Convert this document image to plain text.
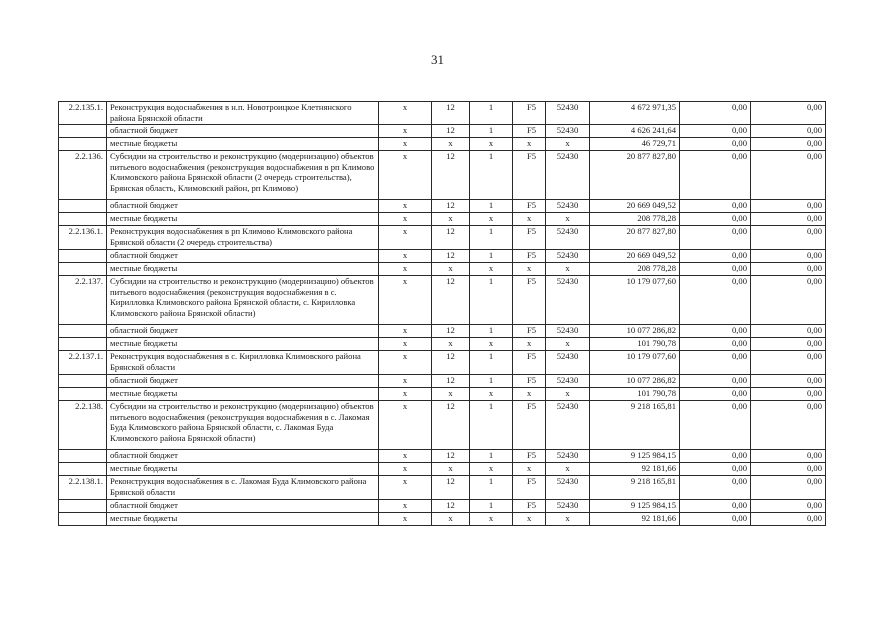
31
2.2.135.1.	Реконструкция водоснабжения в н.п. Новотроицкое Клетнянского района Брянской области	х	12	1	F5	52430	4 672 971,35	0,00	0,00
	областной бюджет	х	12	1	F5	52430	4 626 241,64	0,00	0,00
	местные бюджеты	х	х	х	х	х	46 729,71	0,00	0,00
2.2.136.	Субсидии на строительство и реконструкцию (модернизацию) объектов питьевого водоснабжения (реконструкция водоснабжения в рп Климово Климовского района Брянской области (2 очередь строительства), Брянская область, Климовский район, рп Климово)	х	12	1	F5	52430	20 877 827,80	0,00	0,00
	областной бюджет	х	12	1	F5	52430	20 669 049,52	0,00	0,00
	местные бюджеты	х	х	х	х	х	208 778,28	0,00	0,00
2.2.136.1.	Реконструкция водоснабжения в рп Климово Климовского района Брянской области (2 очередь строительства)	х	12	1	F5	52430	20 877 827,80	0,00	0,00
	областной бюджет	х	12	1	F5	52430	20 669 049,52	0,00	0,00
	местные бюджеты	х	х	х	х	х	208 778,28	0,00	0,00
2.2.137.	Субсидии на строительство и реконструкцию (модернизацию) объектов питьевого водоснабжения (реконструкция водоснабжения в с. Кирилловка Климовского района Брянской области, с. Кирилловка Климовского района Брянской области)	х	12	1	F5	52430	10 179 077,60	0,00	0,00
	областной бюджет	х	12	1	F5	52430	10 077 286,82	0,00	0,00
	местные бюджеты	х	х	х	х	х	101 790,78	0,00	0,00
2.2.137.1.	Реконструкция водоснабжения в с. Кирилловка Климовского района Брянской области	х	12	1	F5	52430	10 179 077,60	0,00	0,00
	областной бюджет	х	12	1	F5	52430	10 077 286,82	0,00	0,00
	местные бюджеты	х	х	х	х	х	101 790,78	0,00	0,00
2.2.138.	Субсидии на строительство и реконструкцию (модернизацию) объектов питьевого водоснабжения (реконструкция водоснабжения в с. Лакомая Буда Климовского района Брянской области, с. Лакомая Буда Климовского района Брянской области)	х	12	1	F5	52430	9 218 165,81	0,00	0,00
	областной бюджет	х	12	1	F5	52430	9 125 984,15	0,00	0,00
	местные бюджеты	х	х	х	х	х	92 181,66	0,00	0,00
2.2.138.1.	Реконструкция водоснабжения в с. Лакомая Буда Климовского района Брянской области	х	12	1	F5	52430	9 218 165,81	0,00	0,00
	областной бюджет	х	12	1	F5	52430	9 125 984,15	0,00	0,00
	местные бюджеты	х	х	х	х	х	92 181,66	0,00	0,00
